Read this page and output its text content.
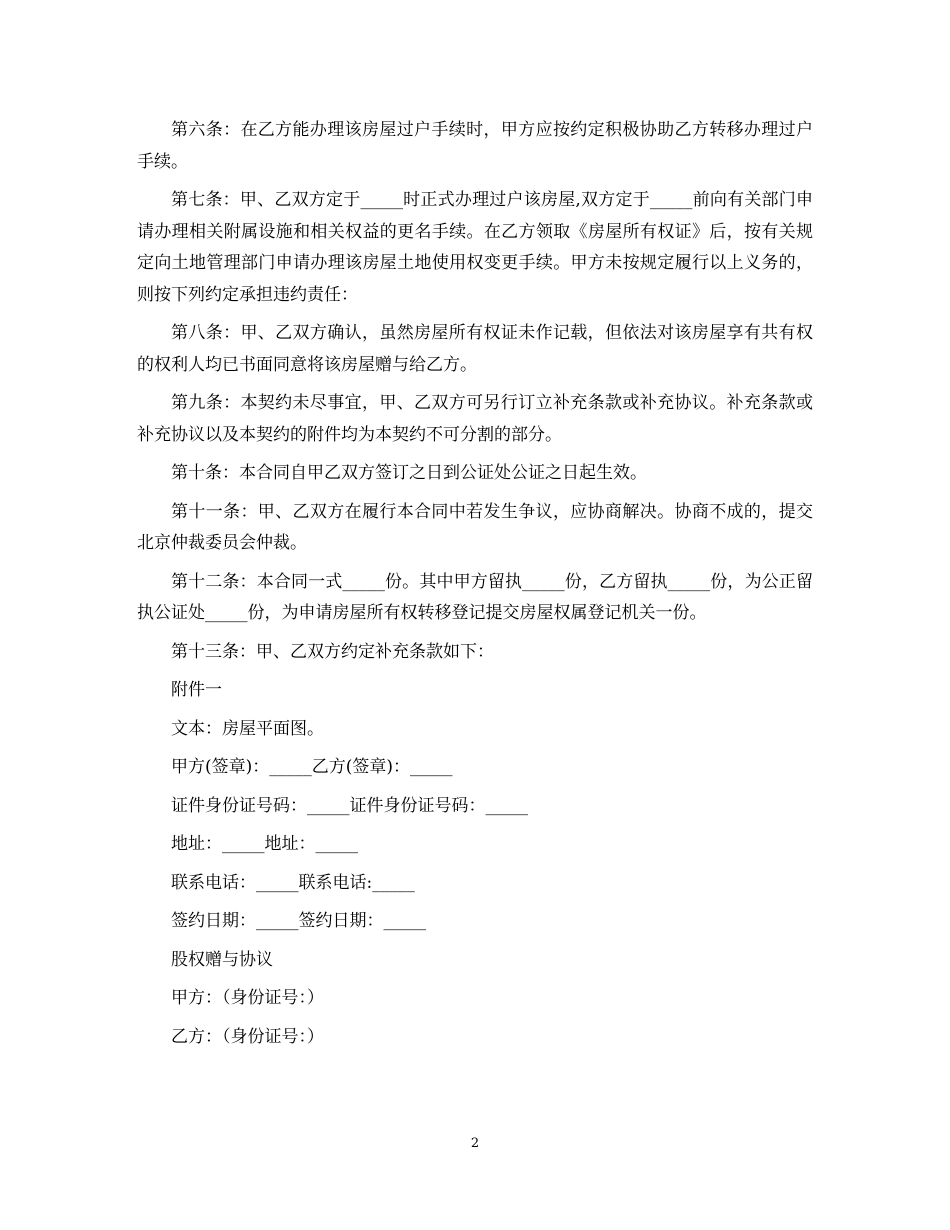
第六条：在乙方能办理该房屋过户手续时，甲方应按约定积极协助乙方转移办理过户手续。

第七条：甲、乙双方定于_____时正式办理过户该房屋,双方定于_____前向有关部门申请办理相关附属设施和相关权益的更名手续。在乙方领取《房屋所有权证》后，按有关规定向土地管理部门申请办理该房屋土地使用权变更手续。甲方未按规定履行以上义务的，则按下列约定承担违约责任：

第八条：甲、乙双方确认，虽然房屋所有权证未作记载，但依法对该房屋享有共有权的权利人均已书面同意将该房屋赠与给乙方。

第九条：本契约未尽事宜，甲、乙双方可另行订立补充条款或补充协议。补充条款或补充协议以及本契约的附件均为本契约不可分割的部分。

第十条：本合同自甲乙双方签订之日到公证处公证之日起生效。

第十一条：甲、乙双方在履行本合同中若发生争议，应协商解决。协商不成的，提交北京仲裁委员会仲裁。

第十二条：本合同一式_____份。其中甲方留执_____份，乙方留执_____份，为公正留执公证处_____份，为申请房屋所有权转移登记提交房屋权属登记机关一份。

第十三条：甲、乙双方约定补充条款如下：

附件一

文本：房屋平面图。

甲方(签章)：_____乙方(签章)：_____

证件身份证号码：_____证件身份证号码：_____

地址：_____地址：_____

联系电话：_____联系电话:_____

签约日期：_____签约日期：_____

股权赠与协议

甲方：（身份证号：）

乙方：（身份证号：）

2
